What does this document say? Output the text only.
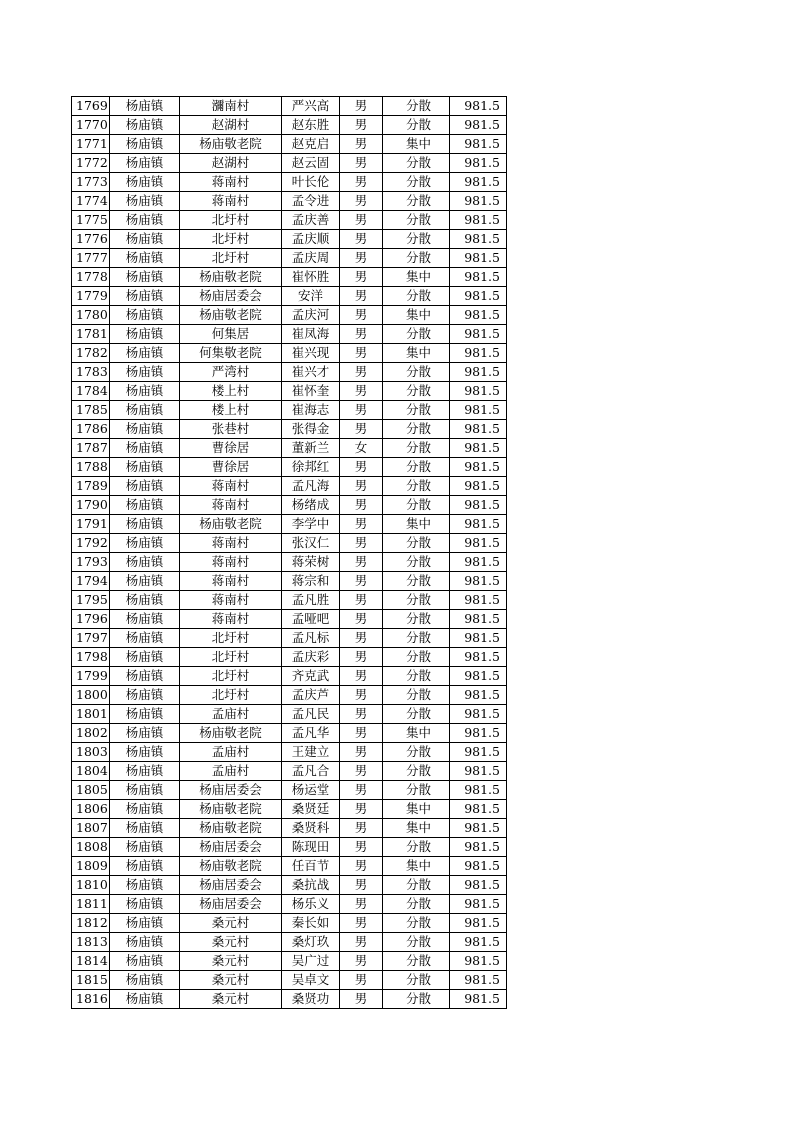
1769	杨庙镇	瀰南村	严兴高	男	分散	981.5
1770	杨庙镇	赵湖村	赵东胜	男	分散	981.5
1771	杨庙镇	杨庙敬老院	赵克启	男	集中	981.5
1772	杨庙镇	赵湖村	赵云固	男	分散	981.5
1773	杨庙镇	蒋南村	叶长伦	男	分散	981.5
1774	杨庙镇	蒋南村	孟令进	男	分散	981.5
1775	杨庙镇	北圩村	孟庆善	男	分散	981.5
1776	杨庙镇	北圩村	孟庆顺	男	分散	981.5
1777	杨庙镇	北圩村	孟庆周	男	分散	981.5
1778	杨庙镇	杨庙敬老院	崔怀胜	男	集中	981.5
1779	杨庙镇	杨庙居委会	安洋	男	分散	981.5
1780	杨庙镇	杨庙敬老院	孟庆河	男	集中	981.5
1781	杨庙镇	何集居	崔凤海	男	分散	981.5
1782	杨庙镇	何集敬老院	崔兴现	男	集中	981.5
1783	杨庙镇	严湾村	崔兴才	男	分散	981.5
1784	杨庙镇	楼上村	崔怀奎	男	分散	981.5
1785	杨庙镇	楼上村	崔海志	男	分散	981.5
1786	杨庙镇	张巷村	张得金	男	分散	981.5
1787	杨庙镇	曹徐居	董新兰	女	分散	981.5
1788	杨庙镇	曹徐居	徐邦红	男	分散	981.5
1789	杨庙镇	蒋南村	孟凡海	男	分散	981.5
1790	杨庙镇	蒋南村	杨绪成	男	分散	981.5
1791	杨庙镇	杨庙敬老院	李学中	男	集中	981.5
1792	杨庙镇	蒋南村	张汉仁	男	分散	981.5
1793	杨庙镇	蒋南村	蒋荣树	男	分散	981.5
1794	杨庙镇	蒋南村	蒋宗和	男	分散	981.5
1795	杨庙镇	蒋南村	孟凡胜	男	分散	981.5
1796	杨庙镇	蒋南村	孟哑吧	男	分散	981.5
1797	杨庙镇	北圩村	孟凡标	男	分散	981.5
1798	杨庙镇	北圩村	孟庆彩	男	分散	981.5
1799	杨庙镇	北圩村	齐克武	男	分散	981.5
1800	杨庙镇	北圩村	孟庆芦	男	分散	981.5
1801	杨庙镇	孟庙村	孟凡民	男	分散	981.5
1802	杨庙镇	杨庙敬老院	孟凡华	男	集中	981.5
1803	杨庙镇	孟庙村	王建立	男	分散	981.5
1804	杨庙镇	孟庙村	孟凡合	男	分散	981.5
1805	杨庙镇	杨庙居委会	杨运堂	男	分散	981.5
1806	杨庙镇	杨庙敬老院	桑贤廷	男	集中	981.5
1807	杨庙镇	杨庙敬老院	桑贤科	男	集中	981.5
1808	杨庙镇	杨庙居委会	陈现田	男	分散	981.5
1809	杨庙镇	杨庙敬老院	任百节	男	集中	981.5
1810	杨庙镇	杨庙居委会	桑抗战	男	分散	981.5
1811	杨庙镇	杨庙居委会	杨乐义	男	分散	981.5
1812	杨庙镇	桑元村	秦长如	男	分散	981.5
1813	杨庙镇	桑元村	桑灯玖	男	分散	981.5
1814	杨庙镇	桑元村	吴广过	男	分散	981.5
1815	杨庙镇	桑元村	吴卓文	男	分散	981.5
1816	杨庙镇	桑元村	桑贤功	男	分散	981.5
